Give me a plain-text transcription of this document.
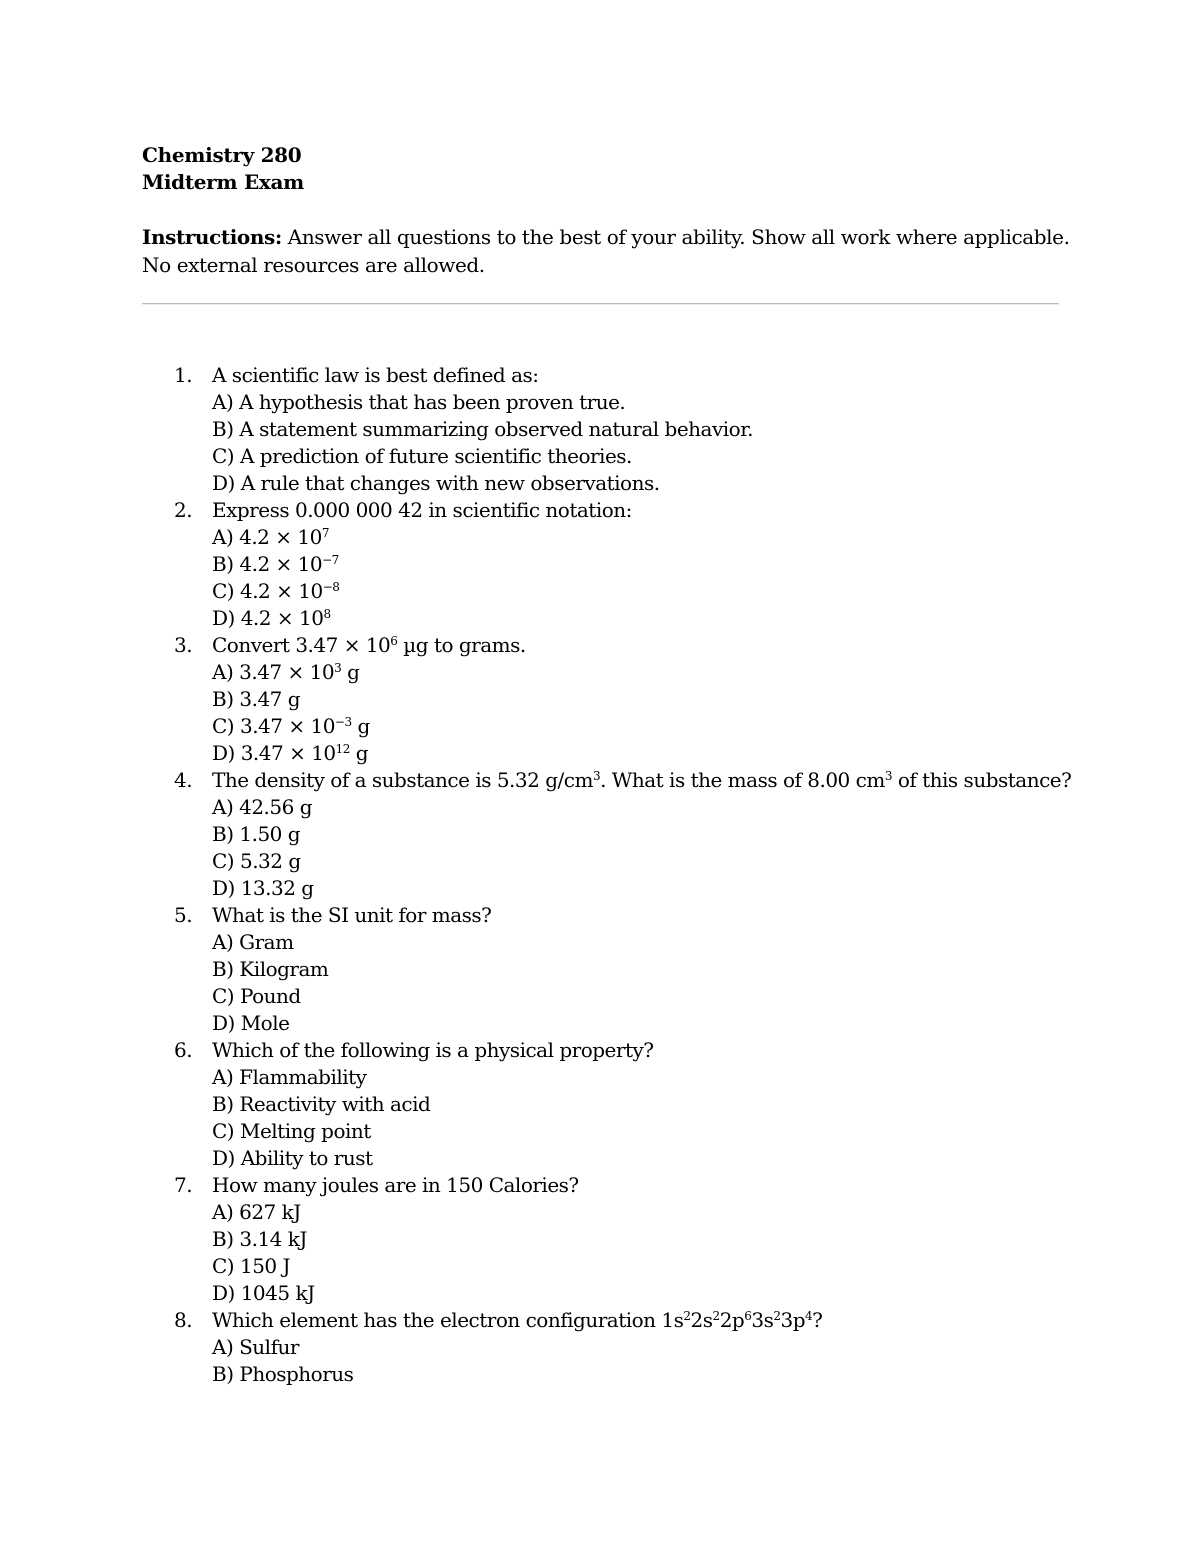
Chemistry 280
Midterm Exam
Instructions: Answer all questions to the best of your ability. Show all work where applicable.
No external resources are allowed.
1. A scientific law is best defined as:
A) A hypothesis that has been proven true.
B) A statement summarizing observed natural behavior.
C) A prediction of future scientific theories.
D) A rule that changes with new observations.
2. Express 0.000 000 42 in scientific notation:
A) $4.2 \times 10^7$
B) $4.2 \times 10^{-7}$
C) $4.2 \times 10^{-8}$
D) $4.2 \times 10^8$
3. Convert $3.47 \times 10^6$ µg to grams.
A) $3.47 \times 10^3$ g
B) 3.47 g
C) $3.47 \times 10^{-3}$ g
D) $3.47 \times 10^{12}$ g
4. The density of a substance is 5.32 $g/cm^3$. What is the mass of 8.00 $cm^3$ of this substance?
A) 42.56 g
B) 1.50 g
C) 5.32 g
D) 13.32 g
5. What is the SI unit for mass?
A) Gram
B) Kilogram
C) Pound
D) Mole
6. Which of the following is a physical property?
A) Flammability
B) Reactivity with acid
C) Melting point
D) Ability to rust
7. How many joules are in 150 Calories?
A) 627 kJ
B) 3.14 kJ
C) 150 J
D) 1045 kJ
8. Which element has the electron configuration $1s^22s^22p^63s^23p^4$?
A) Sulfur
B) Phosphorus
